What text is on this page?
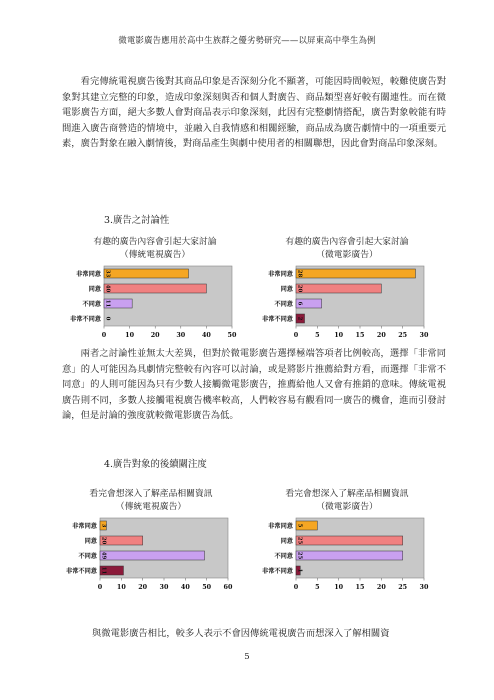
微電影廣告應用於高中生族群之優劣勢研究——以屏東高中學生為例
看完傳統電視廣告後對其商品印象是否深刻分化不顯著，可能因時間較短，較難使廣告對象對其建立完整的印象，造成印象深刻與否和個人對廣告、商品類型喜好較有關連性。而在微電影廣告方面，絕大多數人會對商品表示印象深刻，此因有完整劇情搭配，廣告對象較能有時間進入廣告商營造的情境中，並融入自我情感和相關經驗，商品成為廣告劇情中的一項重要元素，廣告對象在融入劇情後，對商品產生與劇中使用者的相關聯想，因此會對商品印象深刻。
3.廣告之討論性
有趣的廣告內容會引起大家討論
（傳統電視廣告）
非常同意 33
同意 40
不同意 11
非常不同意 0
0	10	20	30	40	50
有趣的廣告內容會引起大家討論
（微電影廣告）
非常同意 28
同意 20
不同意 6
非常不同意 2
0	5 10 15 20 25 30
兩者之討論性並無太大差異，但對於微電影廣告選擇極端答項者比例較高，選擇「非常同意」的人可能因為具劇情完整較有內容可以討論，或是將影片推薦給對方看，而選擇「非常不同意」的人則可能因為只有少數人接觸微電影廣告，推薦給他人又會有推銷的意味。傳統電視廣告則不同，多數人接觸電視廣告機率較高，人們較容易有觀看同一廣告的機會，進而引發討論，但是討論的強度就較微電影廣告為低。
4.廣告對象的後續關注度
看完會想深入了解產品相關資訊
（傳統電視廣告）
非常同意 3
同意 20
不同意 49
非常不同意 11
0 10 20 30 40 50 60
看完會想深入了解產品相關資訊
（微電影廣告）
非常同意 5
同意 25
不同意 25
非常不同意 1
0	5 10 15 20 25 30
與微電影廣告相比，較多人表示不會因傳統電視廣告而想深入了解相關資
5
